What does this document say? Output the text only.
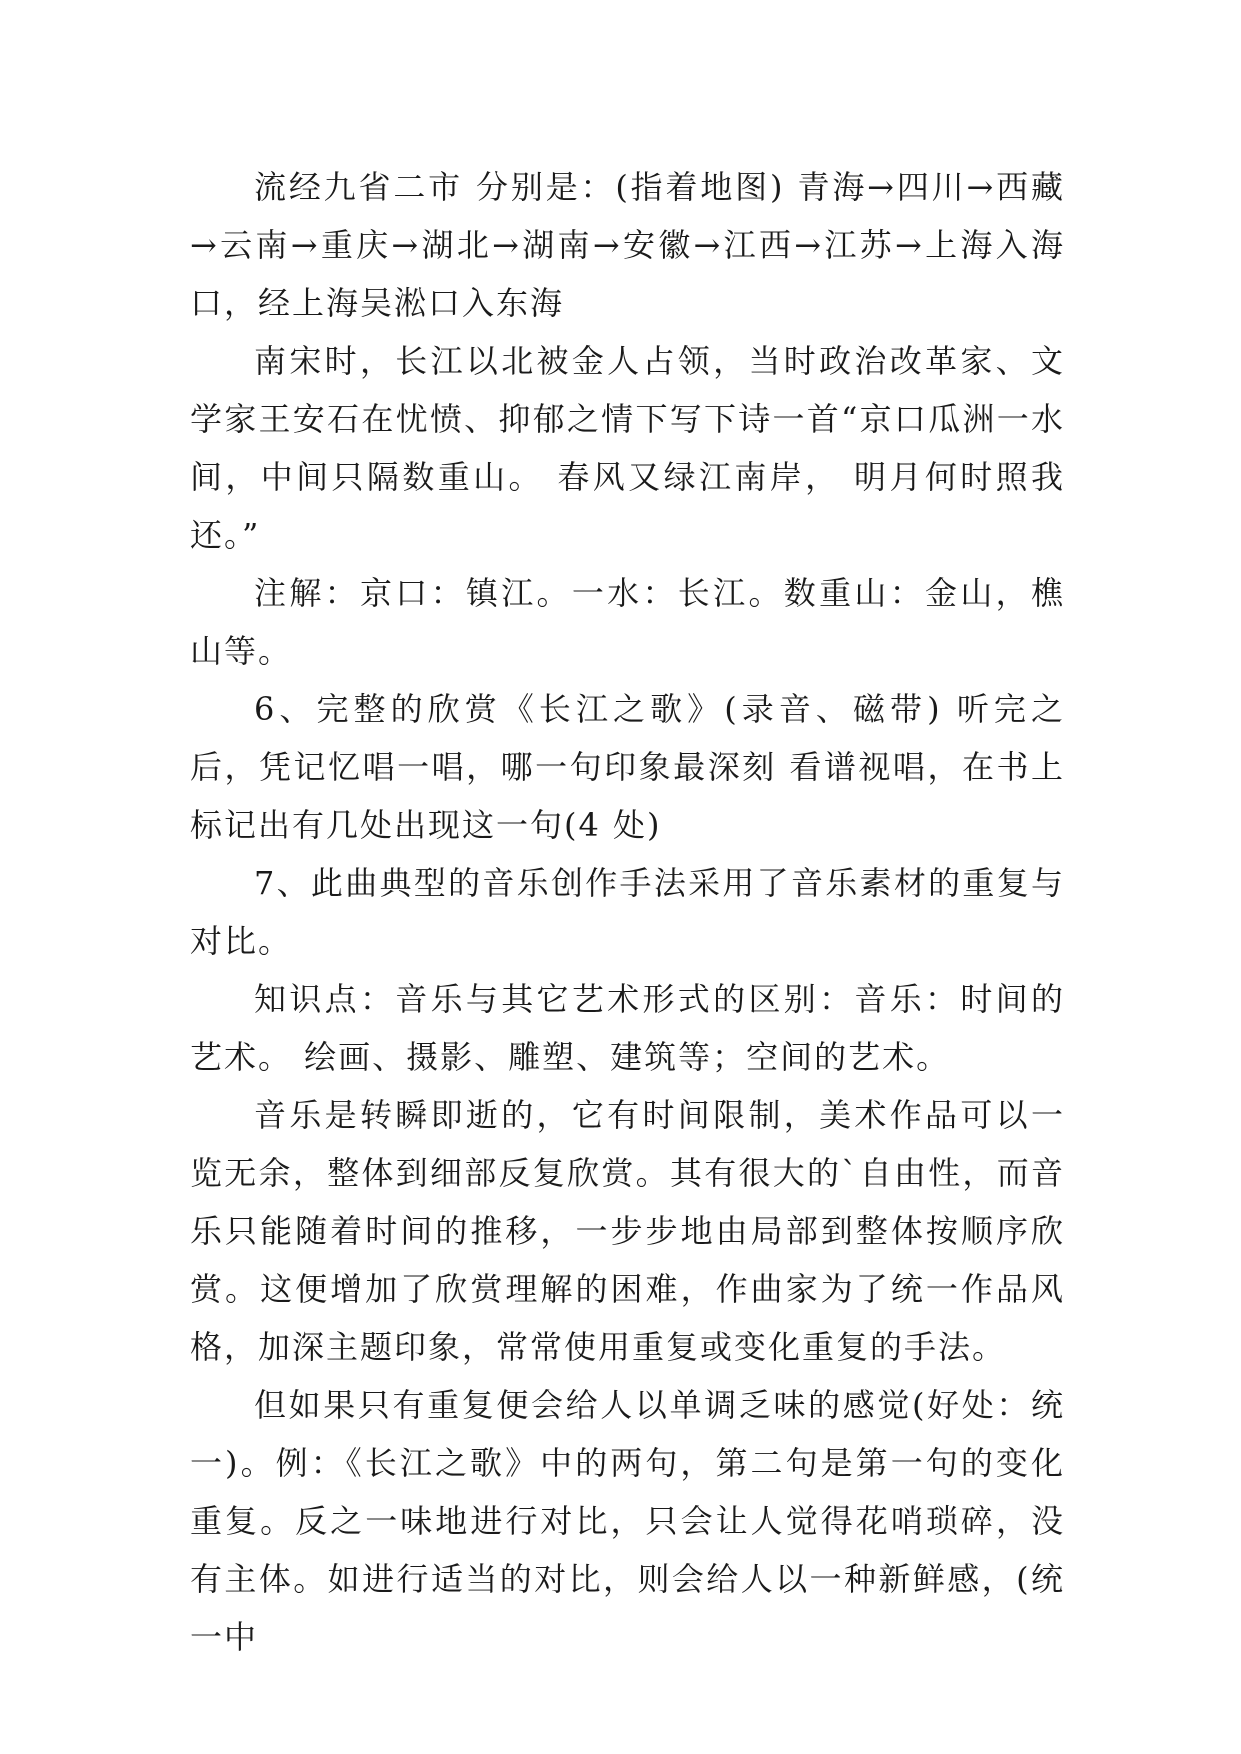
流经九省二市 分别是：(指着地图) 青海→四川→西藏→云南→重庆→湖北→湖南→安徽→江西→江苏→上海入海口，经上海吴淞口入东海

南宋时，长江以北被金人占领，当时政治改革家、文学家王安石在忧愤、抑郁之情下写下诗一首“京口瓜洲一水间，中间只隔数重山。 春风又绿江南岸， 明月何时照我还。”

注解：京口：镇江。一水：长江。数重山：金山，樵山等。

6、完整的欣赏《长江之歌》(录音、磁带) 听完之后，凭记忆唱一唱，哪一句印象最深刻 看谱视唱，在书上标记出有几处出现这一句(4 处)

7、此曲典型的音乐创作手法采用了音乐素材的重复与对比。

知识点：音乐与其它艺术形式的区别：音乐：时间的艺术。 绘画、摄影、雕塑、建筑等；空间的艺术。

音乐是转瞬即逝的，它有时间限制，美术作品可以一览无余，整体到细部反复欣赏。其有很大的`自由性，而音乐只能随着时间的推移，一步步地由局部到整体按顺序欣赏。这便增加了欣赏理解的困难，作曲家为了统一作品风格，加深主题印象，常常使用重复或变化重复的手法。

但如果只有重复便会给人以单调乏味的感觉(好处：统一)。例：《长江之歌》中的两句，第二句是第一句的变化重复。反之一味地进行对比，只会让人觉得花哨琐碎，没有主体。如进行适当的对比，则会给人以一种新鲜感，(统一中
